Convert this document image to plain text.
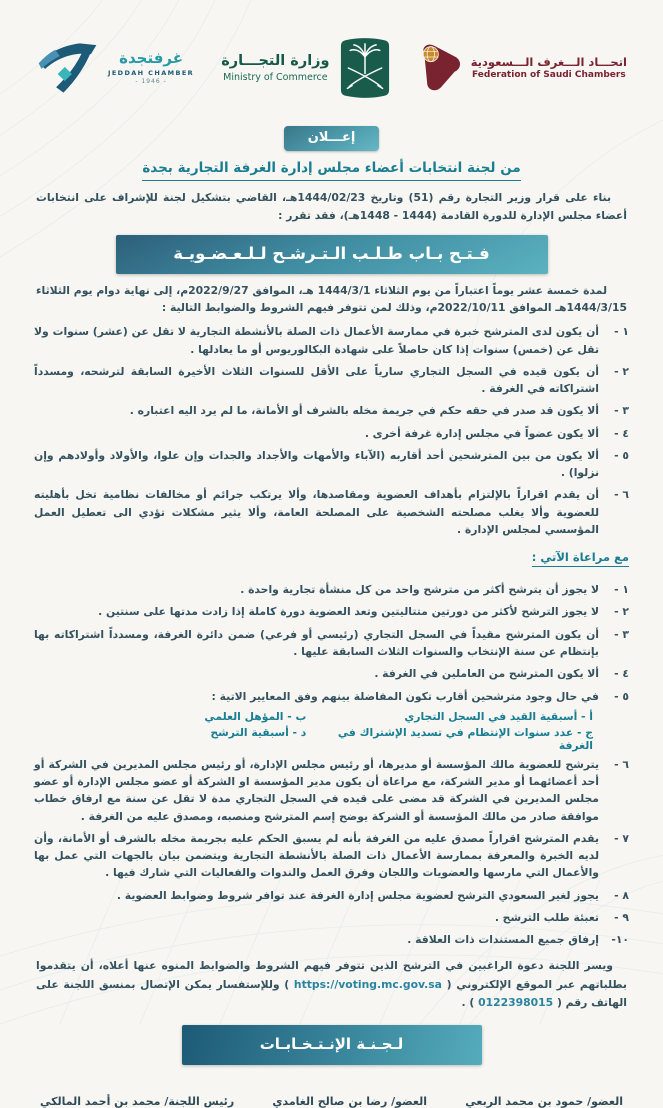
غرفتجدة
JEDDAH CHAMBER
- 1946 -
وزارة التجـــارة
Ministry of Commerce
اتحـــاد الـــغرف الـــسعودية
Federation of Saudi Chambers
إعـــلان
من لجنة انتخابات أعضاء مجلس إدارة الغرفة التجارية بجدة

بناء على قرار وزير التجارة رقم (51) وتاريخ 1444/02/23هـ، القاضي بتشكيل لجنة للإشراف على انتخابات أعضاء مجلس الإدارة للدورة القادمة (1444 - 1448هـ)، فقد تقرر :

فـتـح بـاب طـلـب الـتـرشـح لـلـعـضـويـة

لمدة خمسة عشر يوماً اعتباراً من يوم الثلاثاء 1444/3/1 هـ، الموافق 2022/9/27م، إلى نهاية دوام يوم الثلاثاء 1444/3/15هـ الموافق 2022/10/11م، وذلك لمن تتوفر فيهم الشروط والضوابط التالية :

١ -
أن يكون لدى المترشح خبرة في ممارسة الأعمال ذات الصلة بالأنشطة التجارية لا تقل عن (عشر) سنوات ولا تقل عن (خمس) سنوات إذا كان حاصلاً على شهادة البكالوريوس أو ما يعادلها .
٢ -
أن يكون قيده في السجل التجاري سارياً على الأقل للسنوات الثلاث الأخيرة السابقة لترشحه، ومسدداً اشتراكاته في الغرفة .
٣ -
ألا يكون قد صدر في حقه حكم في جريمة مخله بالشرف أو الأمانة، ما لم يرد اليه اعتباره .
٤ -
ألا يكون عضواً في مجلس إدارة غرفة أخرى .
٥ -
ألا يكون من بين المترشحين أحد أقاربه (الآباء والأمهات والأجداد والجدات وإن علوا، والأولاد وأولادهم وإن نزلوا) .
٦ -
أن يقدم اقراراً بالإلتزام بأهداف العضوية ومقاصدها، وألا يرتكب جرائم أو مخالفات نظامية تخل بأهليته للعضوية وألا يغلب مصلحته الشخصية على المصلحة العامة، وألا يثير مشكلات تؤدي الى تعطيل العمل المؤسسي لمجلس الإدارة .
مع مراعاة الآتي :
١ -
لا يجوز أن يترشح أكثر من مترشح واحد من كل منشأة تجارية واحدة .
٢ -
لا يجوز الترشح لأكثر من دورتين متتاليتين وتعد العضوية دورة كاملة إذا زادت مدتها على سنتين .
٣ -
أن يكون المترشح مقيداً في السجل التجاري (رئيسي أو فرعي) ضمن دائرة الغرفة، ومسدداً اشتراكاته بها بإنتظام عن سنة الإنتخاب والسنوات الثلاث السابقة عليها .
٤ -
ألا يكون المترشح من العاملين في الغرفة .
٥ -
في حال وجود مترشحين أقارب تكون المفاضلة بينهم وفق المعايير الاتية :
أ - أسبقية القيد في السجل التجاري
ب - المؤهل العلمي
ج - عدد سنوات الإنتظام في تسديد الإشتراك في الغرفة
د - أسبقية الترشح
٦ -
يترشح للعضوية مالك المؤسسة أو مديرها، أو رئيس مجلس الإدارة، أو رئيس مجلس المديرين في الشركة أو أحد أعضائهما أو مدير الشركة، مع مراعاة أن يكون مدير المؤسسة او الشركة أو عضو مجلس الإدارة أو عضو مجلس المديرين في الشركة قد مضى على قيده في السجل التجاري مدة لا تقل عن سنة مع ارفاق خطاب موافقة صادر من مالك المؤسسة أو الشركة يوضح إسم المترشح ومنصبه، ومصدق عليه من الغرفة .
٧ -
يقدم المترشح اقراراً مصدق عليه من الغرفة بأنه لم يسبق الحكم عليه بجريمة مخله بالشرف أو الأمانة، وأن لديه الخبرة والمعرفة بممارسة الأعمال ذات الصلة بالأنشطة التجارية ويتضمن بيان بالجهات التي عمل بها والأعمال التي مارسها والعضويات واللجان وفرق العمل والندوات والفعاليات التي شارك فيها .
٨ -
يجوز لغير السعودي الترشح لعضوية مجلس إدارة الغرفة عند توافر شروط وضوابط العضوية .
٩ -
تعبئة طلب الترشح .
١٠-
إرفاق جميع المستندات ذات العلاقة .

ويسر اللجنة دعوة الراغبين في الترشح الذين تتوفر فيهم الشروط والضوابط المنوه عنها أعلاه، أن يتقدموا بطلباتهم عبر الموقع الإلكتروني ( https://voting.mc.gov.sa ) وللإستفسار يمكن الإتصال بمنسق اللجنة على الهاتف رقم ( 0122398015 ) .

لـجـنـة الإنـتـخـابـات
العضو/ حمود بن محمد الربعي
العضو/ رضا بن صالح الغامدي
رئيس اللجنة/ محمد بن أحمد المالكي
